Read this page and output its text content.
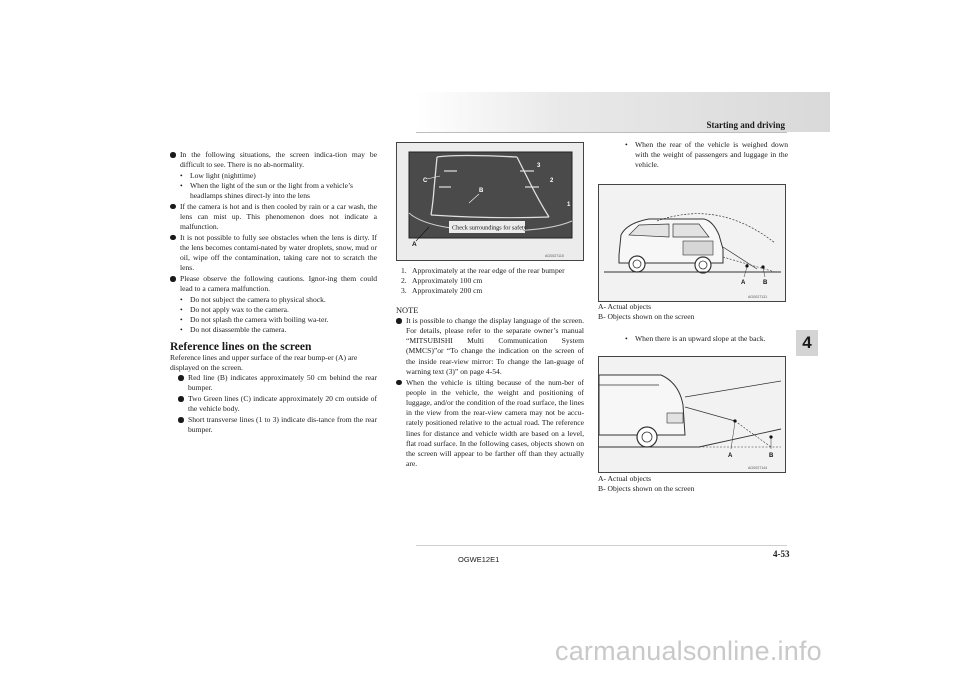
Starting and driving
4
In the following situations, the screen indica-tion may be difficult to see. There is no ab-normality.
• Low light (nighttime)
• When the light of the sun or the light from a vehicle’s headlamps shines direct-ly into the lens
If the camera is hot and is then cooled by rain or a car wash, the lens can mist up. This phenomenon does not indicate a malfunction.
It is not possible to fully see obstacles when the lens is dirty. If the lens becomes contami-nated by water droplets, snow, mud or oil, wipe off the contamination, taking care not to scratch the lens.
Please observe the following cautions. Ignor-ing them could lead to a camera malfunction.
• Do not subject the camera to physical shock.
• Do not apply wax to the camera.
• Do not splash the camera with boiling wa-ter.
• Do not disassemble the camera.
Reference lines on the screen
Reference lines and upper surface of the rear bump-er (A) are displayed on the screen.
Red line (B) indicates approximately 50 cm behind the rear bumper.
Two Green lines (C) indicate approximately 20 cm outside of the vehicle body.
Short transverse lines (1 to 3) indicate dis-tance from the rear bumper.
Check surroundings for safety.
C
B
3
2
1
A
AG0027115
1. Approximately at the rear edge of the rear bumper
2. Approximately 100 cm
3. Approximately 200 cm
NOTE
It is possible to change the display language of the screen. For details, please refer to the separate owner’s manual “MITSUBISHI Multi Communication System (MMCS)”or “To change the indication on the screen of the inside rear-view mirror: To change the lan-guage of warning text (3)” on page 4-54.
When the vehicle is tilting because of the num-ber of people in the vehicle, the weight and positioning of luggage, and/or the condition of the road surface, the lines in the view from the rear-view camera may not be accu-rately positioned relative to the actual road. The reference lines for distance and vehicle width are based on a level, flat road surface. In the following cases, objects shown on the screen will appear to be farther off than they actually are.
• When the rear of the vehicle is weighed down with the weight of passengers and luggage in the vehicle.
A	B
AG0027131
A- Actual objects
B- Objects shown on the screen
• When there is an upward slope at the back.
A	B
AG0027144
A- Actual objects
B- Objects shown on the screen
OGWE12E1
4-53
carmanualsonline.info
